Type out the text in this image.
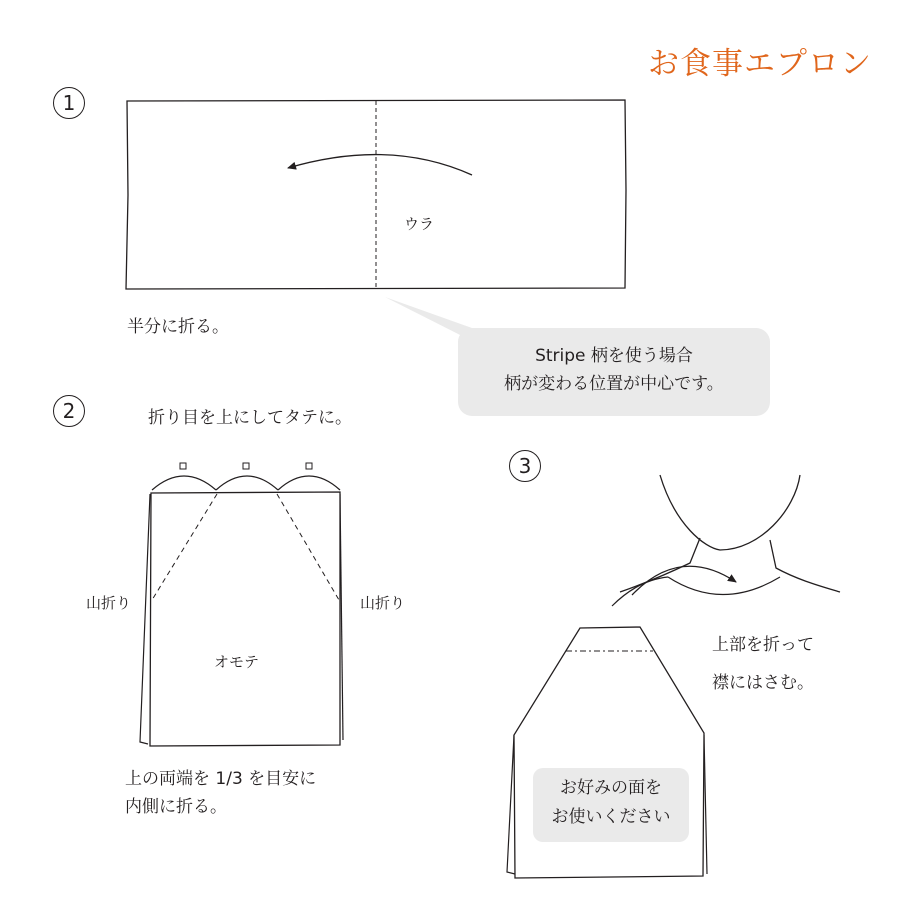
お食事エプロン
1
ウラ
半分に折る。
Stripe 柄を使う場合
柄が変わる位置が中心です。
2	折り目を上にしてタテに。
山折り	山折り
オモテ
上の両端を 1/3 を目安に
内側に折る。
3
上部を折って
襟にはさむ。
お好みの面を
お使いください
